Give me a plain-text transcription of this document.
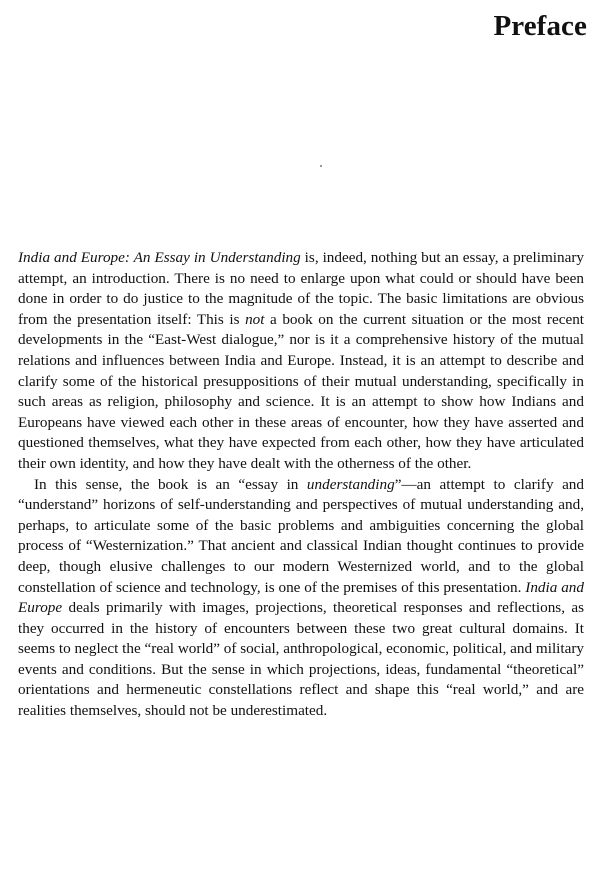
Preface

India and Europe: An Essay in Understanding is, indeed, nothing but an essay, a preliminary attempt, an introduction. There is no need to enlarge upon what could or should have been done in order to do justice to the magnitude of the topic. The basic limitations are obvious from the presentation itself: This is not a book on the current situation or the most recent developments in the “East-West dialogue,” nor is it a comprehensive history of the mutual relations and influences between India and Europe. Instead, it is an attempt to describe and clarify some of the historical presuppositions of their mutual understanding, specifically in such areas as religion, philosophy and science. It is an attempt to show how Indians and Europeans have viewed each other in these areas of encounter, how they have asserted and questioned themselves, what they have expected from each other, how they have articulated their own identity, and how they have dealt with the otherness of the other.

In this sense, the book is an “essay in understanding”—an attempt to clarify and “understand” horizons of self-understanding and perspectives of mutual understanding and, perhaps, to articulate some of the basic problems and ambiguities concerning the global process of “Westernization.” That ancient and classical Indian thought continues to provide deep, though elusive challenges to our modern Westernized world, and to the global constellation of science and technology, is one of the premises of this presentation. India and Europe deals primarily with images, projections, theoretical responses and reflections, as they occurred in the history of encounters between these two great cultural domains. It seems to neglect the “real world” of social, anthropological, economic, political, and military events and conditions. But the sense in which projections, ideas, fundamental “theoretical” orientations and hermeneutic constellations reflect and shape this “real world,” and are realities themselves, should not be underestimated.
